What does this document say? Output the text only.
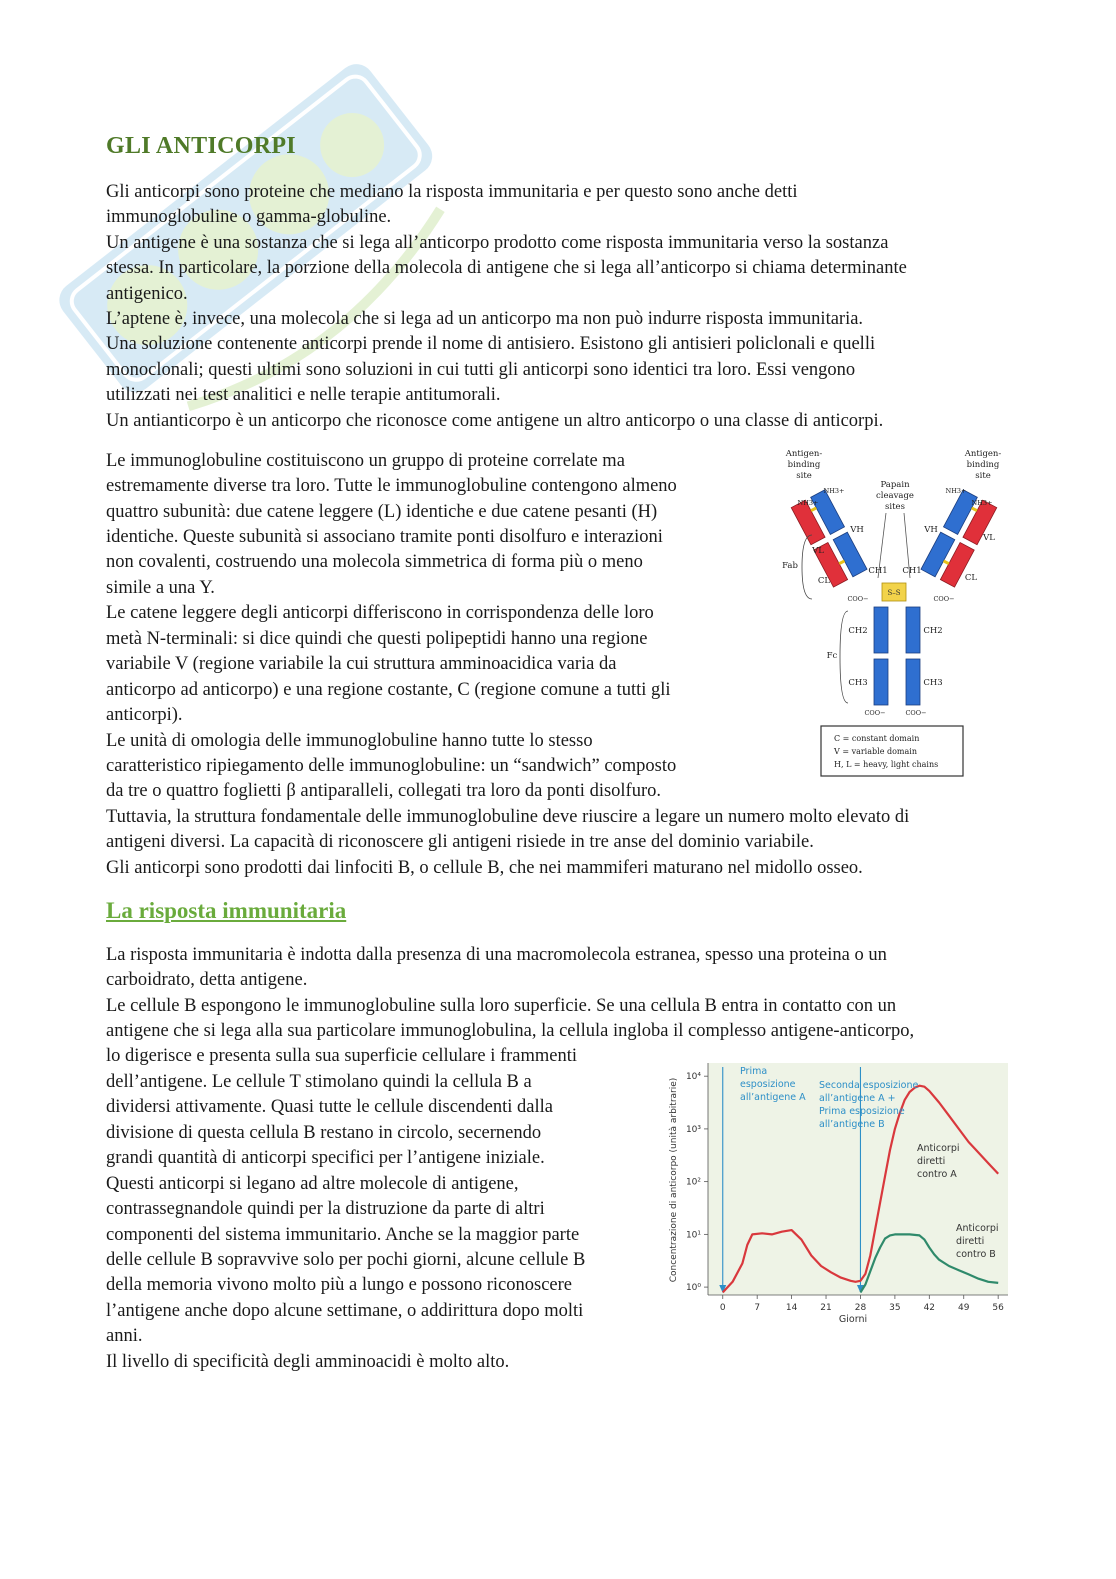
GLI ANTICORPI

Gli anticorpi sono proteine che mediano la risposta immunitaria e per questo sono anche detti

immunoglobuline o gamma-globuline.

Un antigene è una sostanza che si lega all’anticorpo prodotto come risposta immunitaria verso la sostanza

stessa. In particolare, la porzione della molecola di antigene che si lega all’anticorpo si chiama determinante

antigenico.

L’aptene è, invece, una molecola che si lega ad un anticorpo ma non può indurre risposta immunitaria.

Una soluzione contenente anticorpi prende il nome di antisiero. Esistono gli antisieri policlonali e quelli

monoclonali; questi ultimi sono soluzioni in cui tutti gli anticorpi sono identici tra loro. Essi vengono

utilizzati nei test analitici e nelle terapie antitumorali.

Un antianticorpo è un anticorpo che riconosce come antigene un altro anticorpo o una classe di anticorpi.

Le immunoglobuline costituiscono un gruppo di proteine correlate ma

estremamente diverse tra loro. Tutte le immunoglobuline contengono almeno

quattro subunità: due catene leggere (L) identiche e due catene pesanti (H)

identiche. Queste subunità si associano tramite ponti disolfuro e interazioni

non covalenti, costruendo una molecola simmetrica di forma più o meno

simile a una Y.

Le catene leggere degli anticorpi differiscono in corrispondenza delle loro

metà N-terminali: si dice quindi che questi polipeptidi hanno una regione

variabile V (regione variabile la cui struttura amminoacidica varia da

anticorpo ad anticorpo) e una regione costante, C (regione comune a tutti gli

anticorpi).

Le unità di omologia delle immunoglobuline hanno tutte lo stesso

caratteristico ripiegamento delle immunoglobuline: un “sandwich” composto

da tre o quattro foglietti β antiparalleli, collegati tra loro da ponti disolfuro.

Tuttavia, la struttura fondamentale delle immunoglobuline deve riuscire a legare un numero molto elevato di

antigeni diversi. La capacità di riconoscere gli antigeni risiede in tre anse del dominio variabile.

Gli anticorpi sono prodotti dai linfociti B, o cellule B, che nei mammiferi maturano nel midollo osseo.

La risposta immunitaria

La risposta immunitaria è indotta dalla presenza di una macromolecola estranea, spesso una proteina o un

carboidrato, detta antigene.

Le cellule B espongono le immunoglobuline sulla loro superficie. Se una cellula B entra in contatto con un

antigene che si lega alla sua particolare immunoglobulina, la cellula ingloba il complesso antigene-anticorpo,

lo digerisce e presenta sulla sua superficie cellulare i frammenti

dell’antigene. Le cellule T stimolano quindi la cellula B a

dividersi attivamente. Quasi tutte le cellule discendenti dalla

divisione di questa cellula B restano in circolo, secernendo

grandi quantità di anticorpi specifici per l’antigene iniziale.

Questi anticorpi si legano ad altre molecole di antigene,

contrassegnandole quindi per la distruzione da parte di altri

componenti del sistema immunitario. Anche se la maggior parte

delle cellule B sopravvive solo per pochi giorni, alcune cellule B

della memoria vivono molto più a lungo e possono riconoscere

l’antigene anche dopo alcune settimane, o addirittura dopo molti

anni.

Il livello di specificità degli amminoacidi è molto alto.

Antigen-
binding
site
Antigen-
binding
site
Papain
cleavage
sites
S–S
VH	VH
CH1 CH1
VL
VL
CL	CL
CH2	CH2
CH3	CH3
Fab
Fc
COO−	COO−
COO−	COO−
NH3+
NH3+	NH3+
NH3+
C = constant domain
V = variable domain
H, L = heavy, light chains
10⁰
10¹
10²
10³
10⁴
0	7	14	21	28	35	42	49	56
Concentrazione di anticorpo (unità arbitrarie)
Giorni
Prima
esposizione
all’antigene A
Seconda esposizione
all’antigene A +
Prima esposizione
all’antigene B
Anticorpi
diretti
contro A
Anticorpi
diretti
contro B
